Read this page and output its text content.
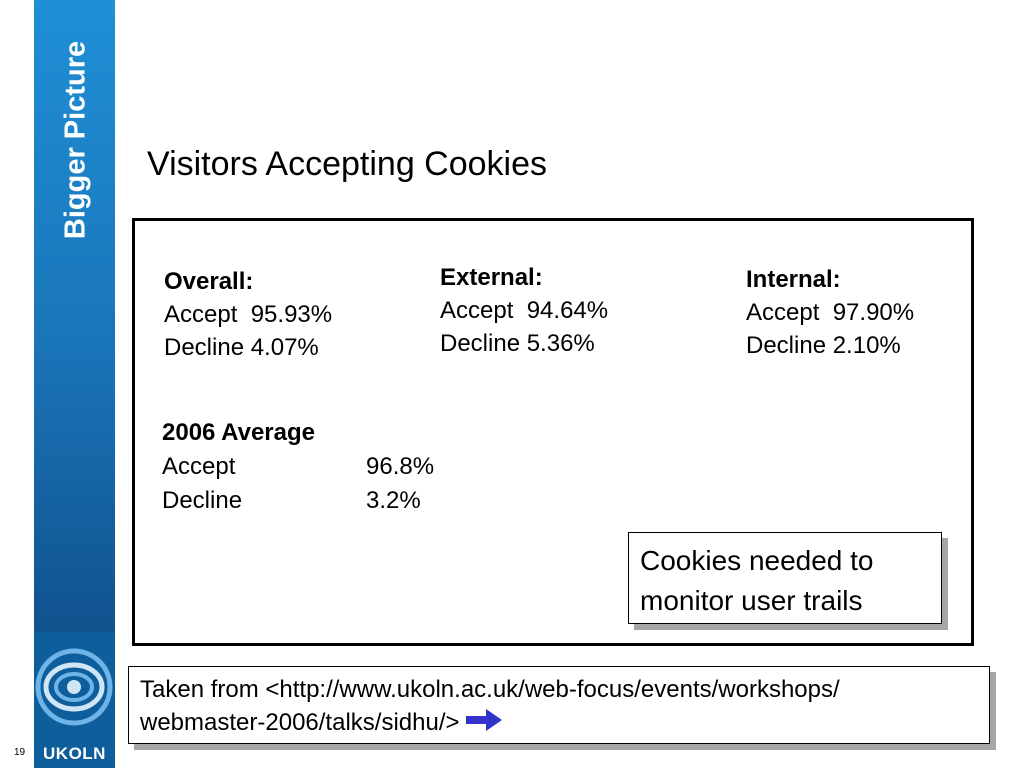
Bigger Picture
UKOLN
19
Visitors Accepting Cookies
Overall:
Accept  95.93%
Decline 4.07%
External:
Accept  94.64%
Decline 5.36%
Internal:
Accept  97.90%
Decline 2.10%
2006 Average
Accept	96.8%
Decline	3.2%
Cookies needed to
monitor user trails
Taken from <http://www.ukoln.ac.uk/web-focus/events/workshops/
webmaster-2006/talks/sidhu/>
